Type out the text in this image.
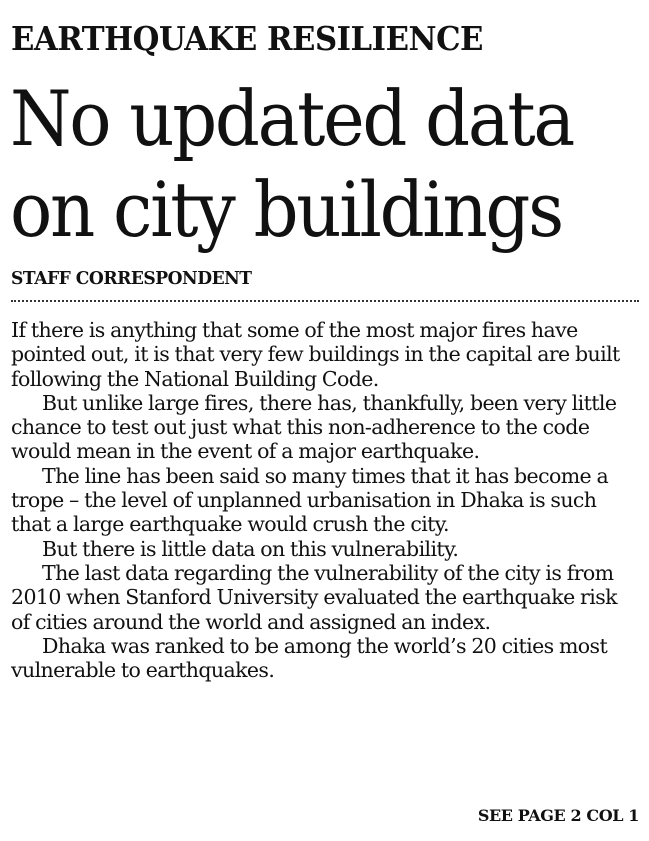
EARTHQUAKE RESILIENCE
No updated data
on city buildings
STAFF CORRESPONDENT

If there is anything that some of the most major fires have pointed out, it is that very few buildings in the capital are built following the National Building Code.

But unlike large fires, there has, thankfully, been very little chance to test out just what this non-adherence to the code would mean in the event of a major earthquake.

The line has been said so many times that it has become a trope – the level of unplanned urbanisation in Dhaka is such that a large earthquake would crush the city.

But there is little data on this vulnerability.

The last data regarding the vulnerability of the city is from 2010 when Stanford University evaluated the earthquake risk of cities around the world and assigned an index.

Dhaka was ranked to be among the world’s 20 cities most vulnerable to earthquakes.

SEE PAGE 2 COL 1
